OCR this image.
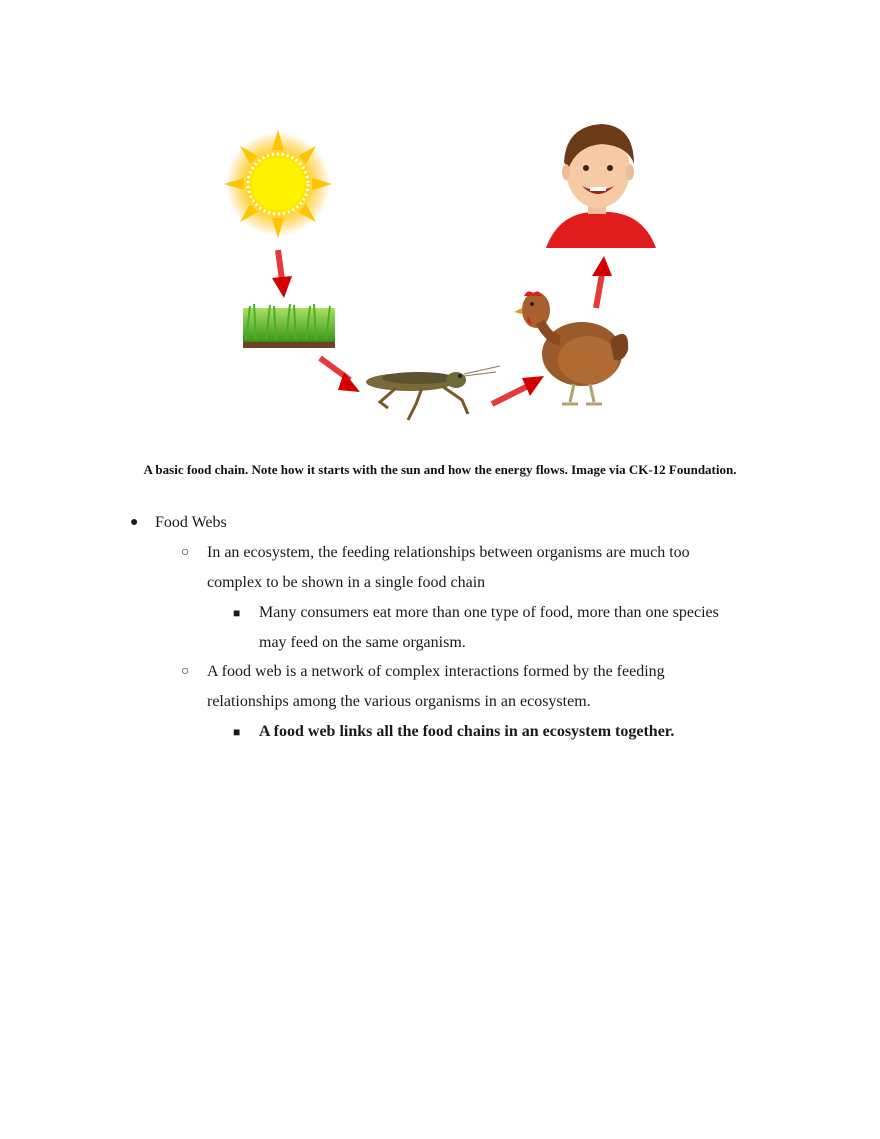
A basic food chain. Note how it starts with the sun and how the energy flows. Image via CK-12 Foundation.
● Food Webs
○ In an ecosystem, the feeding relationships between organisms are much too
complex to be shown in a single food chain
■ Many consumers eat more than one type of food, more than one species
may feed on the same organism.
○ A food web is a network of complex interactions formed by the feeding
relationships among the various organisms in an ecosystem.
■ A food web links all the food chains in an ecosystem together.
